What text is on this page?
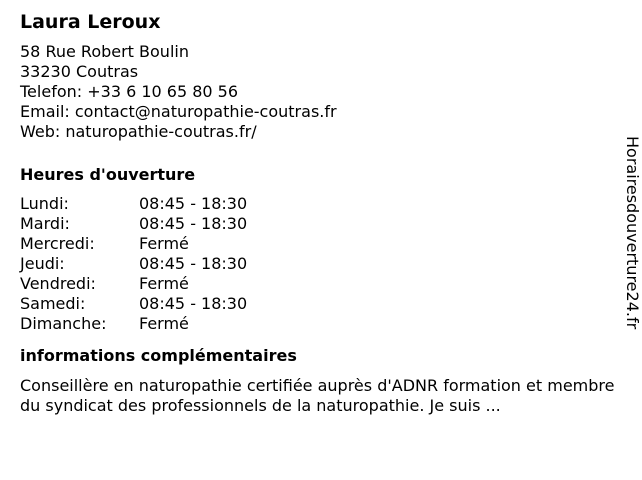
Laura Leroux
58 Rue Robert Boulin
33230 Coutras
Telefon: +33 6 10 65 80 56
Email: contact@naturopathie-coutras.fr
Web: naturopathie-coutras.fr/
Heures d'ouverture
Lundi:	08:45 - 18:30
Mardi:	08:45 - 18:30
Mercredi:	Fermé
Jeudi:	08:45 - 18:30
Vendredi:	Fermé
Samedi:	08:45 - 18:30
Dimanche:	Fermé
informations complémentaires
Conseillère en naturopathie certifiée auprès d'ADNR formation et membre du syndicat des professionnels de la naturopathie. Je suis ...
Horairesdouverture24.fr
